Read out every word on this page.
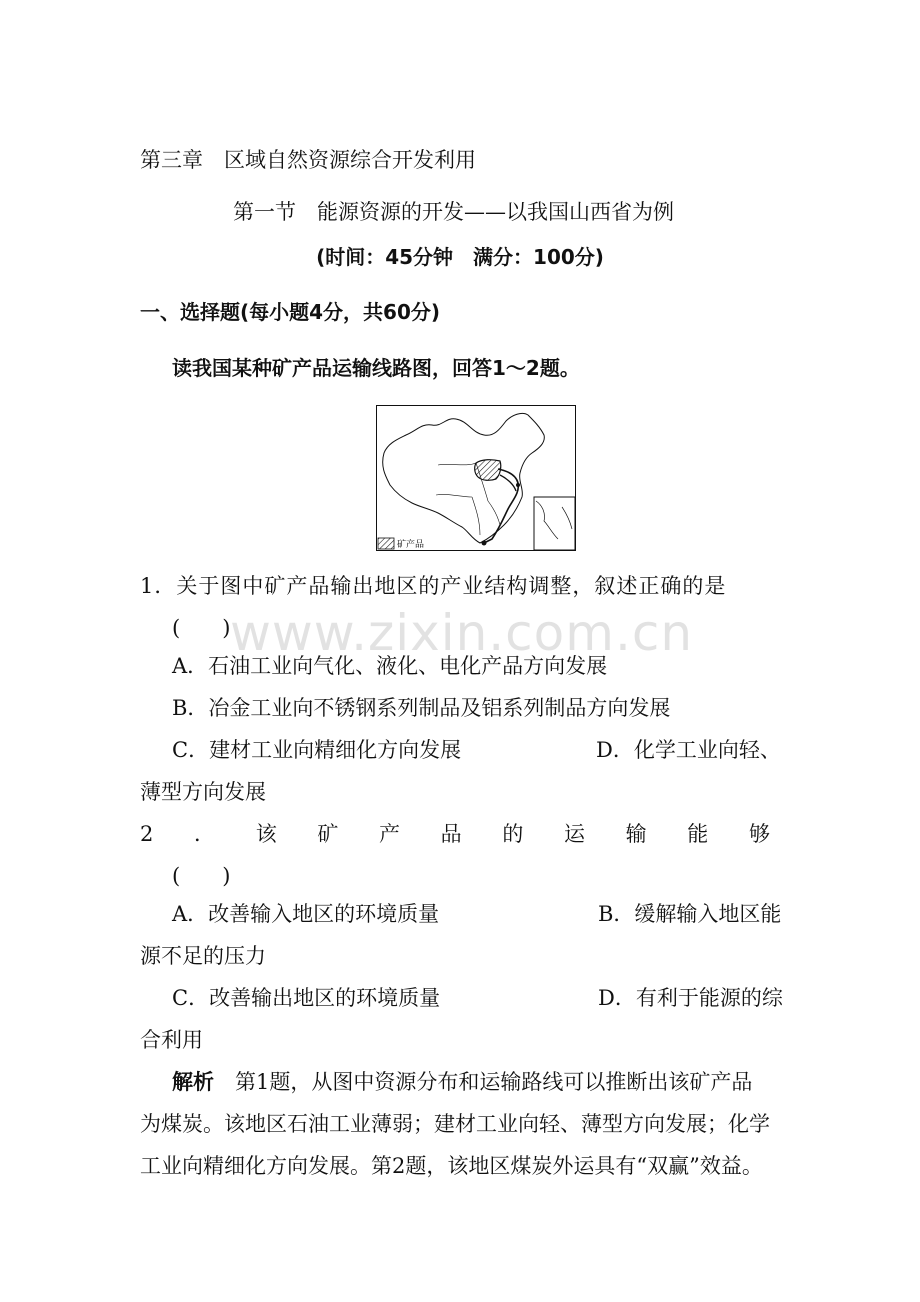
第三章　区域自然资源综合开发利用
第一节　能源资源的开发——以我国山西省为例
(时间：45分钟　满分：100分)
一、选择题(每小题4分，共60分)
读我国某种矿产品运输线路图，回答1～2题。
矿产品
www.zixin.com.cn
1．关于图中矿产品输出地区的产业结构调整，叙述正确的是
(　　)
A．石油工业向气化、液化、电化产品方向发展
B．冶金工业向不锈钢系列制品及铝系列制品方向发展
C．建材工业向精细化方向发展	D．化学工业向轻、
薄型方向发展
2 ． 该 矿 产 品 的 运 输 能 够
(　　)
A．改善输入地区的环境质量	B．缓解输入地区能
源不足的压力
C．改善输出地区的环境质量	D．有利于能源的综
合利用
解析　 第1题，从图中资源分布和运输路线可以推断出该矿产品
为煤炭。该地区石油工业薄弱；建材工业向轻、薄型方向发展；化学
工业向精细化方向发展。第2题，该地区煤炭外运具有“双赢”效益。
